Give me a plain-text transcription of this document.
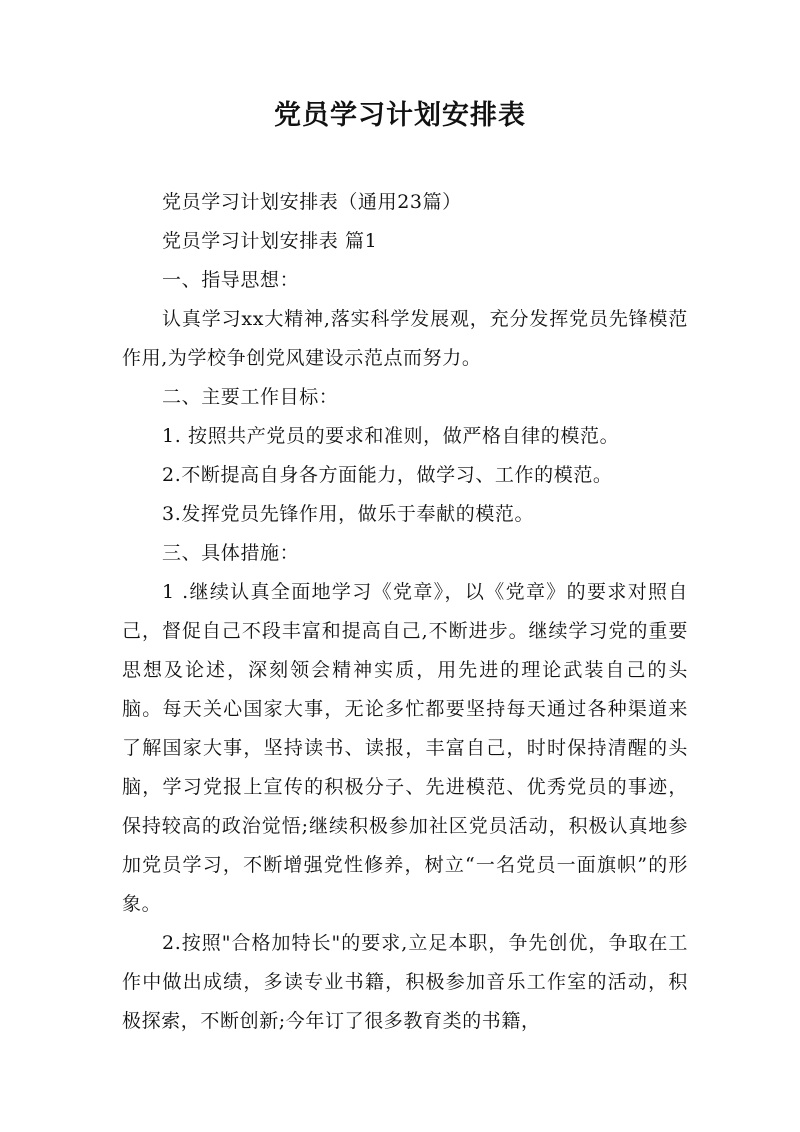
党员学习计划安排表

党员学习计划安排表（通用23篇）

党员学习计划安排表 篇1

一、指导思想：

认真学习xx大精神,落实科学发展观，充分发挥党员先锋模范作用,为学校争创党风建设示范点而努力。

二、主要工作目标：

1. 按照共产党员的要求和准则，做严格自律的模范。

2.不断提高自身各方面能力，做学习、工作的模范。

3.发挥党员先锋作用，做乐于奉献的模范。

三、具体措施：

1 .继续认真全面地学习《党章》，以《党章》的要求对照自己，督促自己不段丰富和提高自己,不断进步。继续学习党的重要思想及论述，深刻领会精神实质，用先进的理论武装自己的头脑。每天关心国家大事，无论多忙都要坚持每天通过各种渠道来了解国家大事，坚持读书、读报，丰富自己，时时保持清醒的头脑，学习党报上宣传的积极分子、先进模范、优秀党员的事迹，保持较高的政治觉悟;继续积极参加社区党员活动，积极认真地参加党员学习，不断增强党性修养，树立“一名党员一面旗帜”的形象。

2.按照"合格加特长"的要求,立足本职，争先创优，争取在工作中做出成绩，多读专业书籍，积极参加音乐工作室的活动，积极探索，不断创新;今年订了很多教育类的书籍，
